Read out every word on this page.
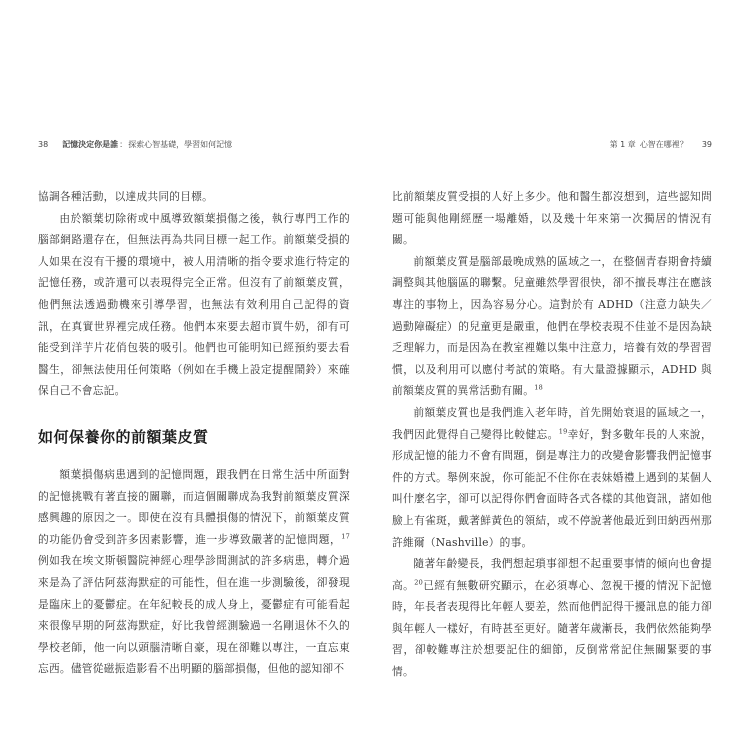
38 記憶決定你是誰：探索心智基礎，學習如何記憶

協調各種活動，以達成共同的目標。

由於額葉切除術或中風導致額葉損傷之後，執行專門工作的腦部網路還存在，但無法再為共同目標一起工作。前額葉受損的人如果在沒有干擾的環境中，被人用清晰的指令要求進行特定的記憶任務，或許還可以表現得完全正常。但沒有了前額葉皮質，他們無法透過動機來引導學習，也無法有效利用自己記得的資訊，在真實世界裡完成任務。他們本來要去超市買牛奶，卻有可能受到洋芋片花俏包裝的吸引。他們也可能明知已經預約要去看醫生，卻無法使用任何策略（例如在手機上設定提醒鬧鈴）來確保自己不會忘記。

如何保養你的前額葉皮質

額葉損傷病患遇到的記憶問題，跟我們在日常生活中所面對的記憶挑戰有著直接的關聯，而這個關聯成為我對前額葉皮質深感興趣的原因之一。即使在沒有具體損傷的情況下，前額葉皮質的功能仍會受到許多因素影響，進一步導致嚴著的記憶問題，$^{17}$例如我在埃文斯頓醫院神經心理學診間測試的許多病患，轉介過來是為了評估阿茲海默症的可能性，但在進一步測驗後，卻發現是臨床上的憂鬱症。在年紀較長的成人身上，憂鬱症有可能看起來很像早期的阿茲海默症，好比我曾經測驗過一名剛退休不久的學校老師，他一向以頭腦清晰自豪，現在卻難以專注，一直忘東忘西。儘管從磁振造影看不出明顯的腦部損傷，但他的認知卻不

第 1 章 心智在哪裡？ 39

比前額葉皮質受損的人好上多少。他和醫生都沒想到，這些認知問題可能與他剛經歷一場離婚，以及幾十年來第一次獨居的情況有關。

前額葉皮質是腦部最晚成熟的區域之一，在整個青春期會持續調整與其他腦區的聯繫。兒童雖然學習很快，卻不擅長專注在應該專注的事物上，因為容易分心。這對於有 ADHD（注意力缺失／過動障礙症）的兒童更是嚴重，他們在學校表現不佳並不是因為缺乏理解力，而是因為在教室裡難以集中注意力，培養有效的學習習慣，以及利用可以應付考試的策略。有大量證據顯示，ADHD 與前額葉皮質的異常活動有關。$^{18}$

前額葉皮質也是我們進入老年時，首先開始衰退的區域之一，我們因此覺得自己變得比較健忘。$^{19}$幸好，對多數年長的人來說，形成記憶的能力不會有問題，倒是專注力的改變會影響我們記憶事件的方式。舉例來說，你可能記不住你在表妹婚禮上遇到的某個人叫什麼名字，卻可以記得你們會面時各式各樣的其他資訊，諸如他臉上有雀斑，戴著鮮黃色的領結，或不停說著他最近到田納西州那許維爾（Nashville）的事。

隨著年齡變長，我們想起瑣事卻想不起重要事情的傾向也會提高。$^{20}$已經有無數研究顯示，在必須專心、忽視干擾的情況下記憶時，年長者表現得比年輕人要差，然而他們記得干擾訊息的能力卻與年輕人一樣好，有時甚至更好。隨著年歲漸長，我們依然能夠學習，卻較難專注於想要記住的細節，反倒常常記住無關緊要的事情。
